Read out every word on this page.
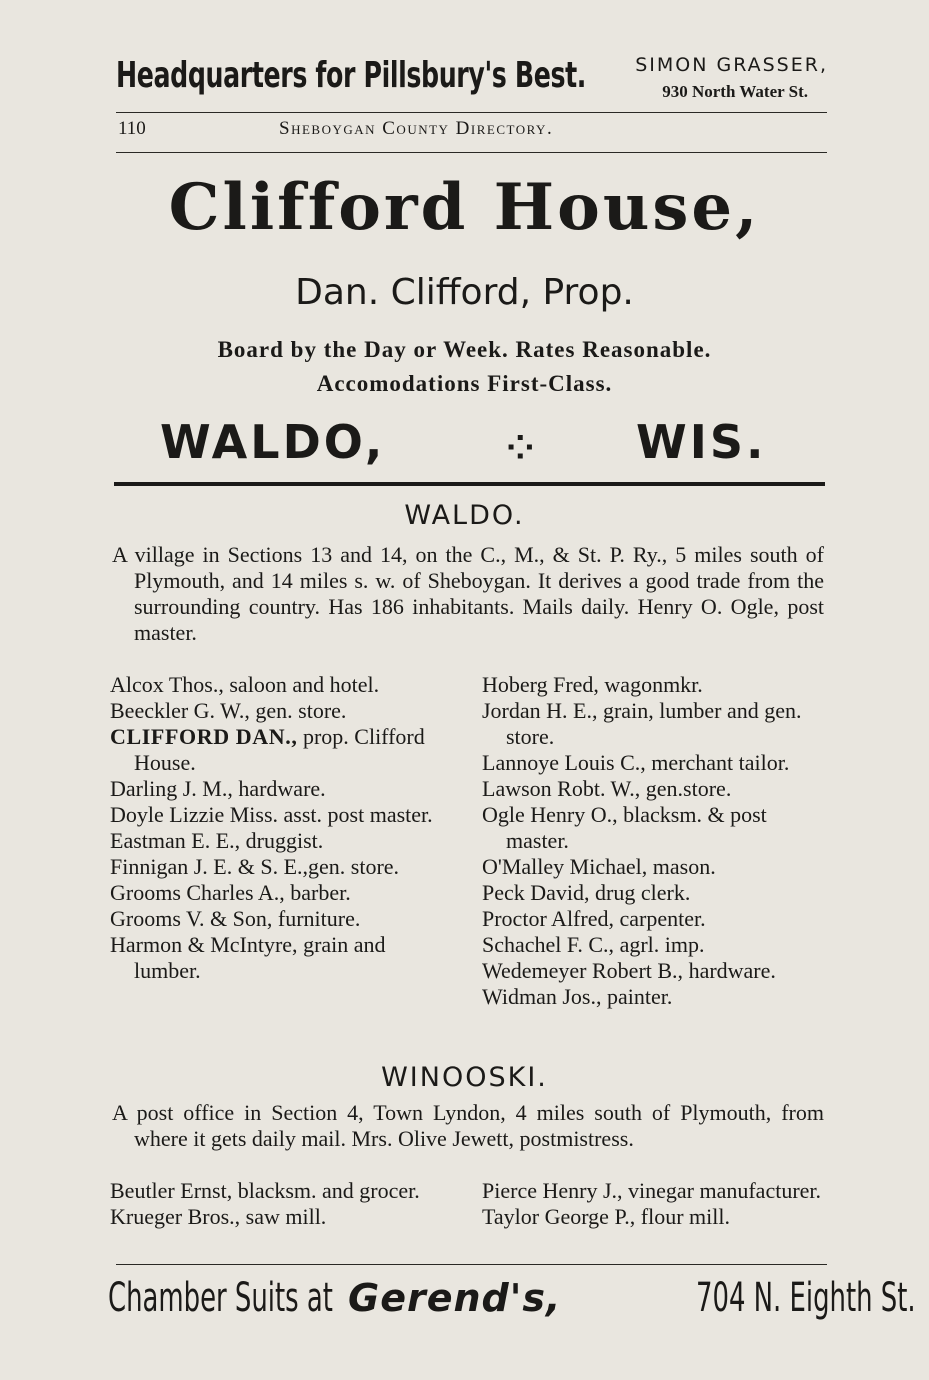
Headquarters for Pillsbury's Best.	SIMON GRASSER,
930 North Water St.
110	Sheboygan County Directory.
Clifford House,
Dan. Clifford, Prop.
Board by the Day or Week. Rates Reasonable.
Accomodations First-Class.
WALDO,	⁘ WIS.
WALDO.

A village in Sections 13 and 14, on the C., M., & St. P. Ry., 5 miles south of Plymouth, and 14 miles s. w. of Sheboygan. It derives a good trade from the surrounding country. Has 186 inhabitants. Mails daily. Henry O. Ogle, post master.

Alcox Thos., saloon and hotel.

Beeckler G. W., gen. store.

CLIFFORD DAN., prop. Clifford House.

Darling J. M., hardware.

Doyle Lizzie Miss. asst. post master.

Eastman E. E., druggist.

Finnigan J. E. & S. E.,gen. store.

Grooms Charles A., barber.

Grooms V. & Son, furniture.

Harmon & McIntyre, grain and lumber.

Hoberg Fred, wagonmkr.

Jordan H. E., grain, lumber and gen. store.

Lannoye Louis C., merchant tailor.

Lawson Robt. W., gen.store.

Ogle Henry O., blacksm. & post master.

O'Malley Michael, mason.

Peck David, drug clerk.

Proctor Alfred, carpenter.

Schachel F. C., agrl. imp.

Wedemeyer Robert B., hardware.

Widman Jos., painter.

WINOOSKI.

A post office in Section 4, Town Lyndon, 4 miles south of Plymouth, from where it gets daily mail. Mrs. Olive Jewett, postmistress.

Beutler Ernst, blacksm. and grocer.

Krueger Bros., saw mill.

Pierce Henry J., vinegar manufacturer.

Taylor George P., flour mill.

Chamber Suits at Gerend's,	704 N. Eighth St.
